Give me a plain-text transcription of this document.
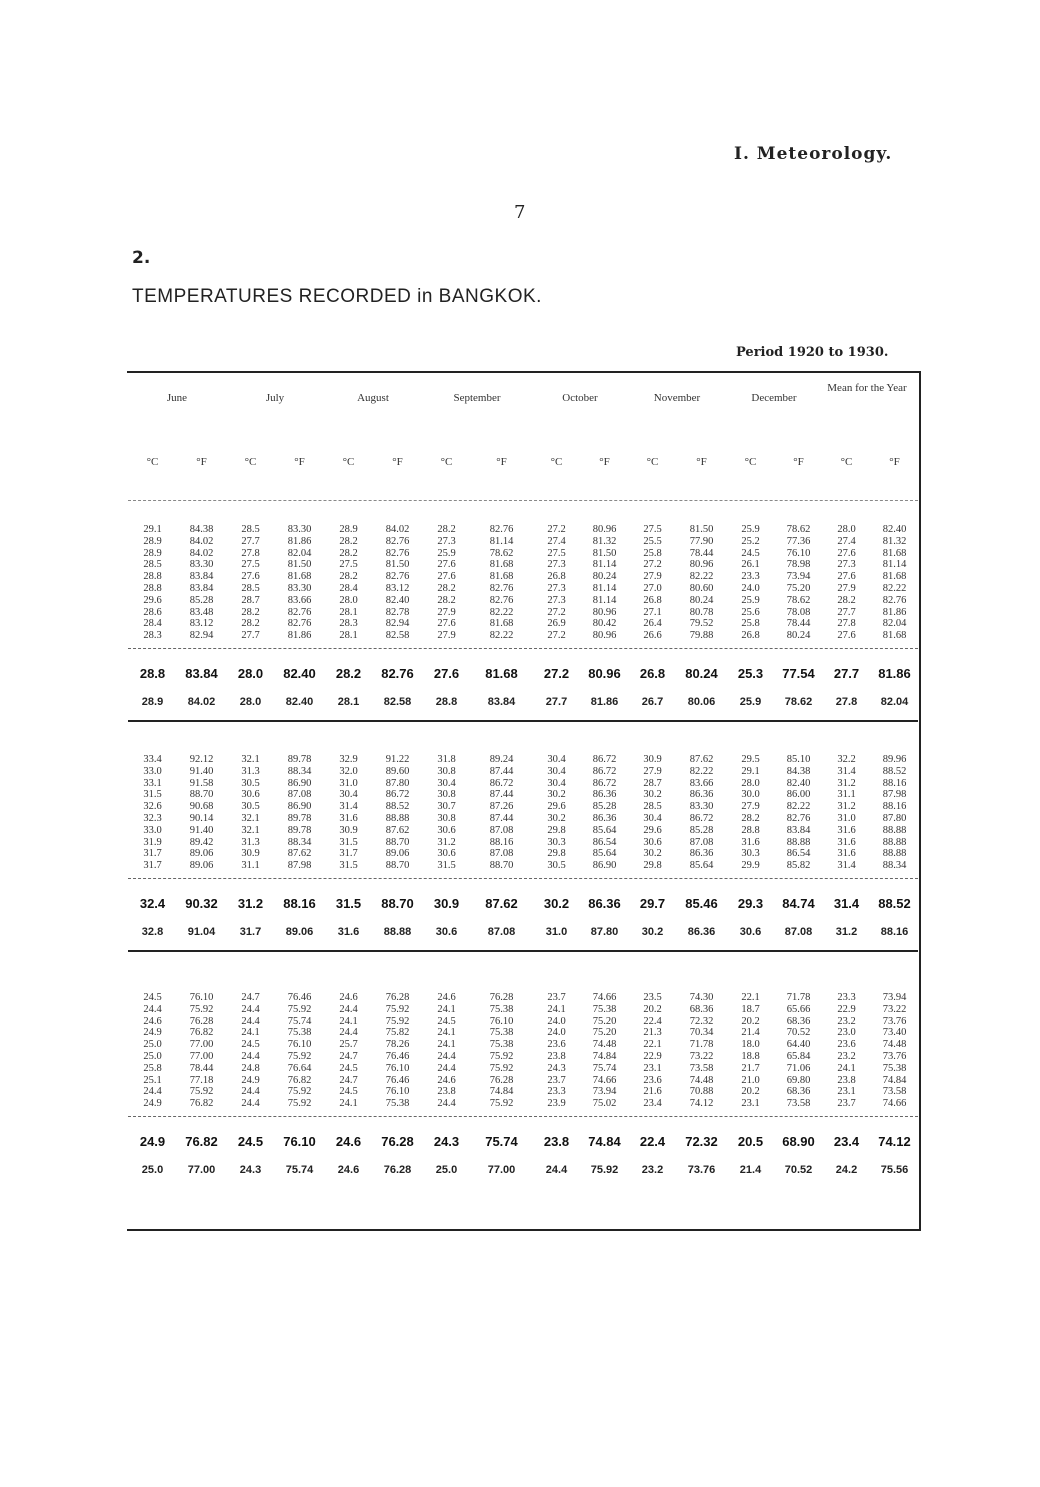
I. Meteorology.
7
2.
TEMPERATURES RECORDED in BANGKOK.
Period 1920 to 1930.
June	July	August	September	October	November	December
Mean for the Year
°C	°F	°C	°F	°C	°F	°C	°F	°C	°F	°C	°F	°C	°F	°C	°F
29.1	84.38	28.5	83.30	28.9	84.02	28.2	82.76	27.2	80.96	27.5	81.50	25.9	78.62	28.0	82.40
28.9	84.02	27.7	81.86	28.2	82.76	27.3	81.14	27.4	81.32	25.5	77.90	25.2	77.36	27.4	81.32
28.9	84.02	27.8	82.04	28.2	82.76	25.9	78.62	27.5	81.50	25.8	78.44	24.5	76.10	27.6	81.68
28.5	83.30	27.5	81.50	27.5	81.50	27.6	81.68	27.3	81.14	27.2	80.96	26.1	78.98	27.3	81.14
28.8	83.84	27.6	81.68	28.2	82.76	27.6	81.68	26.8	80.24	27.9	82.22	23.3	73.94	27.6	81.68
28.8	83.84	28.5	83.30	28.4	83.12	28.2	82.76	27.3	81.14	27.0	80.60	24.0	75.20	27.9	82.22
29.6	85.28	28.7	83.66	28.0	82.40	28.2	82.76	27.3	81.14	26.8	80.24	25.9	78.62	28.2	82.76
28.6	83.48	28.2	82.76	28.1	82.78	27.9	82.22	27.2	80.96	27.1	80.78	25.6	78.08	27.7	81.86
28.4	83.12	28.2	82.76	28.3	82.94	27.6	81.68	26.9	80.42	26.4	79.52	25.8	78.44	27.8	82.04
28.3	82.94	27.7	81.86	28.1	82.58	27.9	82.22	27.2	80.96	26.6	79.88	26.8	80.24	27.6	81.68
28.8	83.84	28.0	82.40	28.2	82.76	27.6	81.68	27.2	80.96	26.8	80.24	25.3	77.54	27.7	81.86
28.9	84.02	28.0	82.40	28.1	82.58	28.8	83.84	27.7	81.86	26.7	80.06	25.9	78.62	27.8	82.04
33.4	92.12	32.1	89.78	32.9	91.22	31.8	89.24	30.4	86.72	30.9	87.62	29.5	85.10	32.2	89.96
33.0	91.40	31.3	88.34	32.0	89.60	30.8	87.44	30.4	86.72	27.9	82.22	29.1	84.38	31.4	88.52
33.1	91.58	30.5	86.90	31.0	87.80	30.4	86.72	30.4	86.72	28.7	83.66	28.0	82.40	31.2	88.16
31.5	88.70	30.6	87.08	30.4	86.72	30.8	87.44	30.2	86.36	30.2	86.36	30.0	86.00	31.1	87.98
32.6	90.68	30.5	86.90	31.4	88.52	30.7	87.26	29.6	85.28	28.5	83.30	27.9	82.22	31.2	88.16
32.3	90.14	32.1	89.78	31.6	88.88	30.8	87.44	30.2	86.36	30.4	86.72	28.2	82.76	31.0	87.80
33.0	91.40	32.1	89.78	30.9	87.62	30.6	87.08	29.8	85.64	29.6	85.28	28.8	83.84	31.6	88.88
31.9	89.42	31.3	88.34	31.5	88.70	31.2	88.16	30.3	86.54	30.6	87.08	31.6	88.88	31.6	88.88
31.7	89.06	30.9	87.62	31.7	89.06	30.6	87.08	29.8	85.64	30.2	86.36	30.3	86.54	31.6	88.88
31.7	89.06	31.1	87.98	31.5	88.70	31.5	88.70	30.5	86.90	29.8	85.64	29.9	85.82	31.4	88.34
32.4	90.32	31.2	88.16	31.5	88.70	30.9	87.62	30.2	86.36	29.7	85.46	29.3	84.74	31.4	88.52
32.8	91.04	31.7	89.06	31.6	88.88	30.6	87.08	31.0	87.80	30.2	86.36	30.6	87.08	31.2	88.16
24.5	76.10	24.7	76.46	24.6	76.28	24.6	76.28	23.7	74.66	23.5	74.30	22.1	71.78	23.3	73.94
24.4	75.92	24.4	75.92	24.4	75.92	24.1	75.38	24.1	75.38	20.2	68.36	18.7	65.66	22.9	73.22
24.6	76.28	24.4	75.74	24.1	75.92	24.5	76.10	24.0	75.20	22.4	72.32	20.2	68.36	23.2	73.76
24.9	76.82	24.1	75.38	24.4	75.82	24.1	75.38	24.0	75.20	21.3	70.34	21.4	70.52	23.0	73.40
25.0	77.00	24.5	76.10	25.7	78.26	24.1	75.38	23.6	74.48	22.1	71.78	18.0	64.40	23.6	74.48
25.0	77.00	24.4	75.92	24.7	76.46	24.4	75.92	23.8	74.84	22.9	73.22	18.8	65.84	23.2	73.76
25.8	78.44	24.8	76.64	24.5	76.10	24.4	75.92	24.3	75.74	23.1	73.58	21.7	71.06	24.1	75.38
25.1	77.18	24.9	76.82	24.7	76.46	24.6	76.28	23.7	74.66	23.6	74.48	21.0	69.80	23.8	74.84
24.4	75.92	24.4	75.92	24.5	76.10	23.8	74.84	23.3	73.94	21.6	70.88	20.2	68.36	23.1	73.58
24.9	76.82	24.4	75.92	24.1	75.38	24.4	75.92	23.9	75.02	23.4	74.12	23.1	73.58	23.7	74.66
24.9	76.82	24.5	76.10	24.6	76.28	24.3	75.74	23.8	74.84	22.4	72.32	20.5	68.90	23.4	74.12
25.0	77.00	24.3	75.74	24.6	76.28	25.0	77.00	24.4	75.92	23.2	73.76	21.4	70.52	24.2	75.56
